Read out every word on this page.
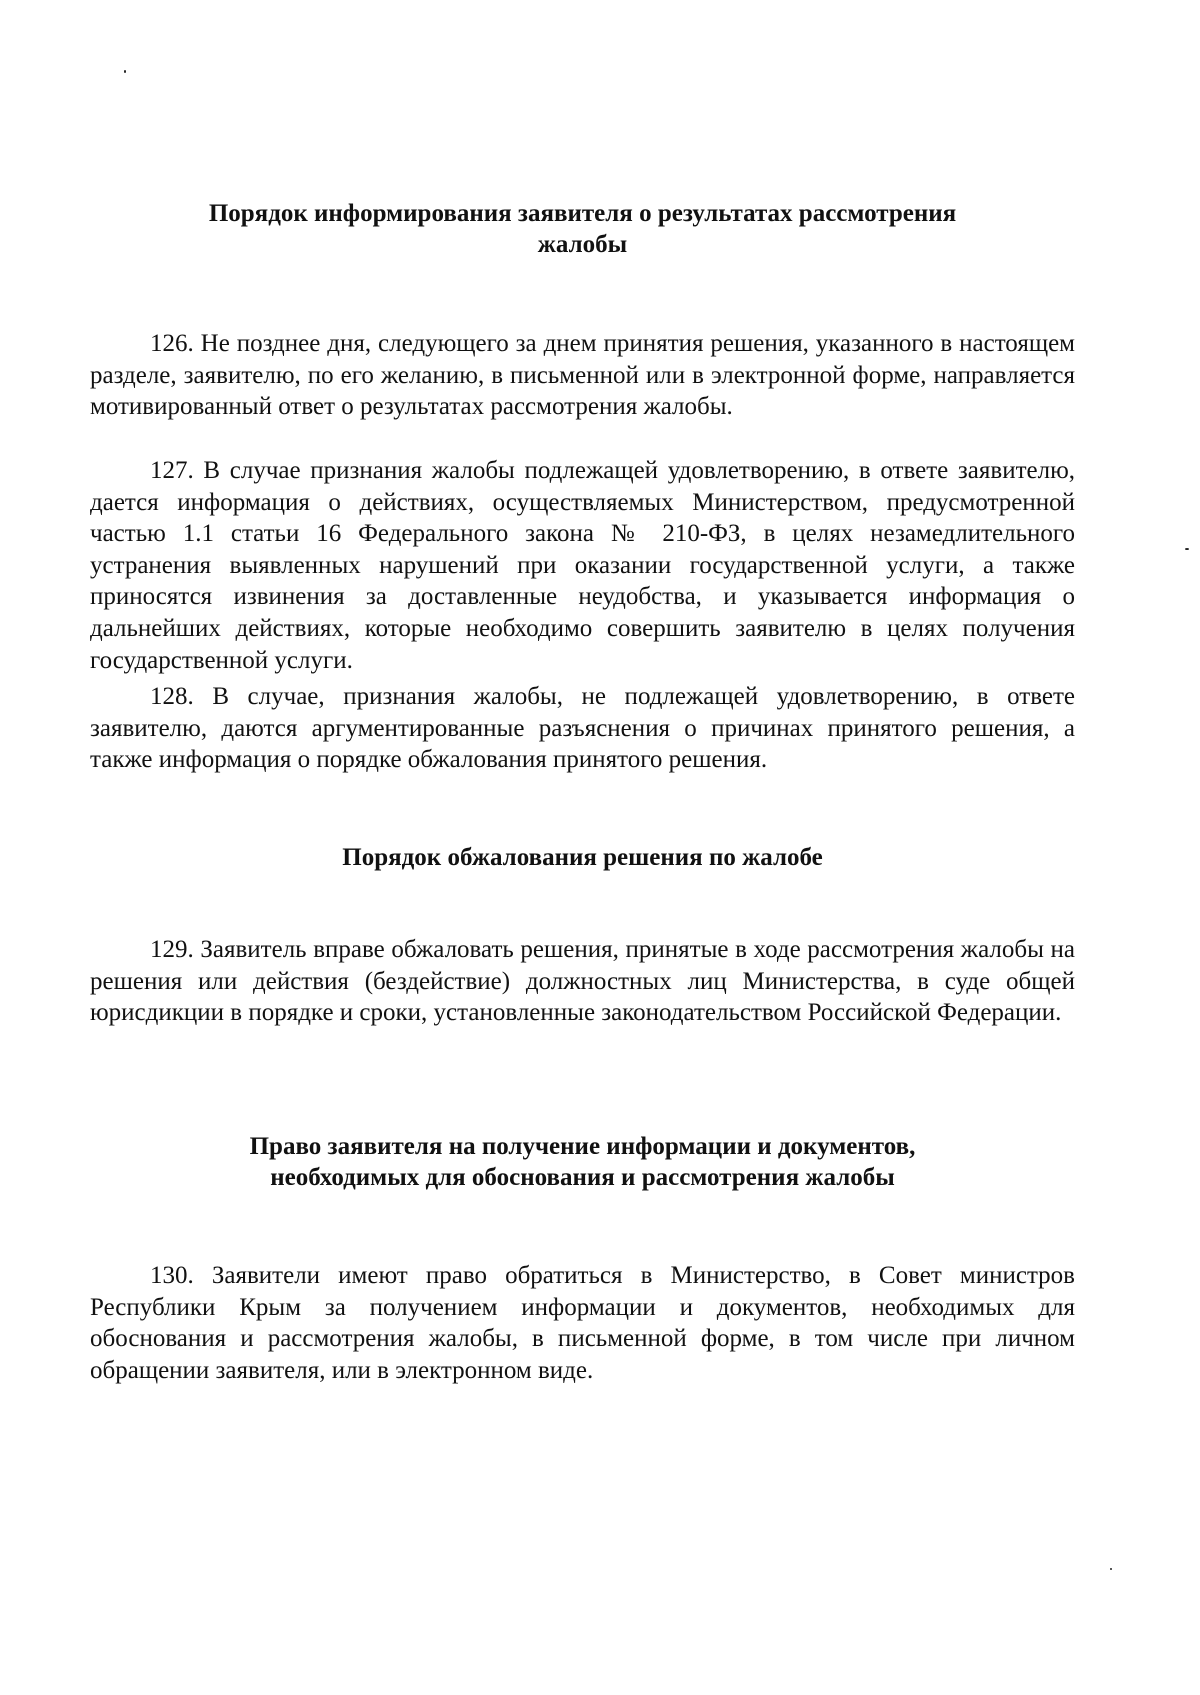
Порядок информирования заявителя о результатах рассмотрения
жалобы

126. Не позднее дня, следующего за днем принятия решения, указанного в настоящем разделе, заявителю, по его желанию, в письменной или в электронной форме, направляется мотивированный ответ о результатах рассмотрения жалобы.

127. В случае признания жалобы подлежащей удовлетворению, в ответе заявителю, дается информация о действиях, осуществляемых Министерством, предусмотренной частью 1.1 статьи 16 Федерального закона № 210-ФЗ, в целях незамедлительного устранения выявленных нарушений при оказании государственной услуги, а также приносятся извинения за доставленные неудобства, и указывается информация о дальнейших действиях, которые необходимо совершить заявителю в целях получения государственной услуги.

128. В случае, признания жалобы, не подлежащей удовлетворению, в ответе заявителю, даются аргументированные разъяснения о причинах принятого решения, а также информация о порядке обжалования принятого решения.

Порядок обжалования решения по жалобе

129. Заявитель вправе обжаловать решения, принятые в ходе рассмотрения жалобы на решения или действия (бездействие) должностных лиц Министерства, в суде общей юрисдикции в порядке и сроки, установленные законодательством Российской Федерации.

Право заявителя на получение информации и документов,
необходимых для обоснования и рассмотрения жалобы

130. Заявители имеют право обратиться в Министерство, в Совет министров Республики Крым за получением информации и документов, необходимых для обоснования и рассмотрения жалобы, в письменной форме, в том числе при личном обращении заявителя, или в электронном виде.
